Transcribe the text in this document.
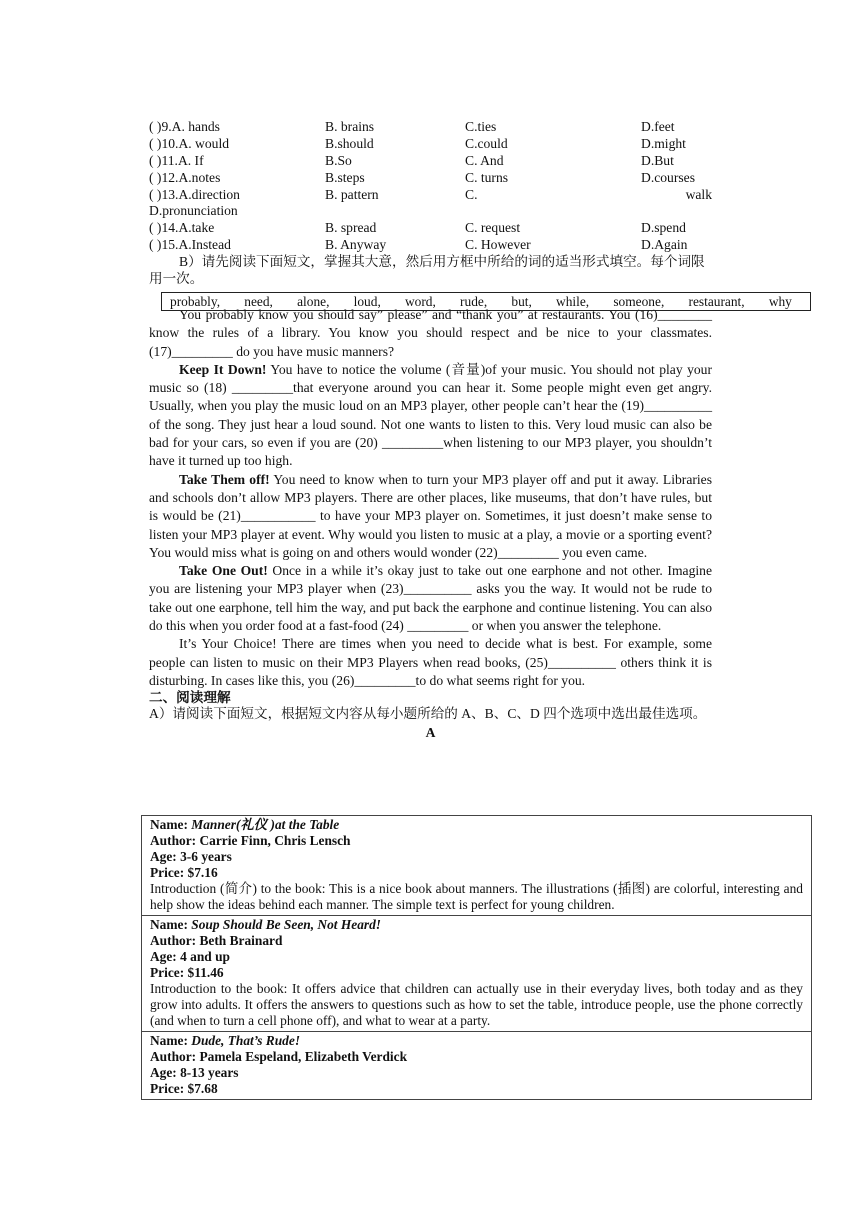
( )9.A. hands	B. brains	C.ties	D.feet
( )10.A. would	B.should	C.could	D.might
( )11.A. If	B.So	C. And	D.But
( )12.A.notes	B.steps	C. turns	D.courses
( )13.A.direction	B. pattern	C.	walk
D.pronunciation
( )14.A.take	B. spread	C. request	D.spend
( )15.A.Instead	B. Anyway	C. However	D.Again
B）请先阅读下面短文，掌握其大意，然后用方框中所给的词的适当形式填空。每个词限用一次。
You probably know you should say” please” and “thank you” at restaurants. You (16)________ know the rules of a library. You know you should respect and be nice to your classmates. (17)_________ do you have music manners?
Keep It Down! You have to notice the volume (音量)of your music. You should not play your music so (18) _________that everyone around you can hear it. Some people might even get angry. Usually, when you play the music loud on an MP3 player, other people can’t hear the (19)__________ of the song. They just hear a loud sound. Not one wants to listen to this. Very loud music can also be bad for your cars, so even if you are (20) _________when listening to our MP3 player, you shouldn’t have it turned up too high.
Take Them off! You need to know when to turn your MP3 player off and put it away. Libraries and schools don’t allow MP3 players. There are other places, like museums, that don’t have rules, but is would be (21)___________ to have your MP3 player on. Sometimes, it just doesn’t make sense to listen your MP3 player at event. Why would you listen to music at a play, a movie or a sporting event? You would miss what is going on and others would wonder (22)_________ you even came.
Take One Out! Once in a while it’s okay just to take out one earphone and not other. Imagine you are listening your MP3 player when (23)__________ asks you the way. It would not be rude to take out one earphone, tell him the way, and put back the earphone and continue listening. You can also do this when you order food at a fast-food (24) _________ or when you answer the telephone.
It’s Your Choice! There are times when you need to decide what is best. For example, some people can listen to music on their MP3 Players when read books, (25)__________ others think it is disturbing. In cases like this, you (26)_________to do what seems right for you.
二、阅读理解
A）请阅读下面短文，根据短文内容从每小题所给的 A、B、C、D 四个选项中选出最佳选项。
A
probably, need, alone, loud, word, rude, but, while, someone, restaurant, why
Name: Manner(礼仪 )at the Table
Author: Carrie Finn, Chris Lensch
Age: 3-6 years
Price: $7.16
Introduction (简介) to the book: This is a nice book about manners. The illustrations (插图) are colorful, interesting and help show the ideas behind each manner. The simple text is perfect for young children.

Name: Soup Should Be Seen, Not Heard!
Author: Beth Brainard
Age: 4 and up
Price: $11.46
Introduction to the book: It offers advice that children can actually use in their everyday lives, both today and as they grow into adults. It offers the answers to questions such as how to set the table, introduce people, use the phone correctly (and when to turn a cell phone off), and what to wear at a party.

Name: Dude, That’s Rude!
Author: Pamela Espeland, Elizabeth Verdick
Age: 8-13 years
Price: $7.68
